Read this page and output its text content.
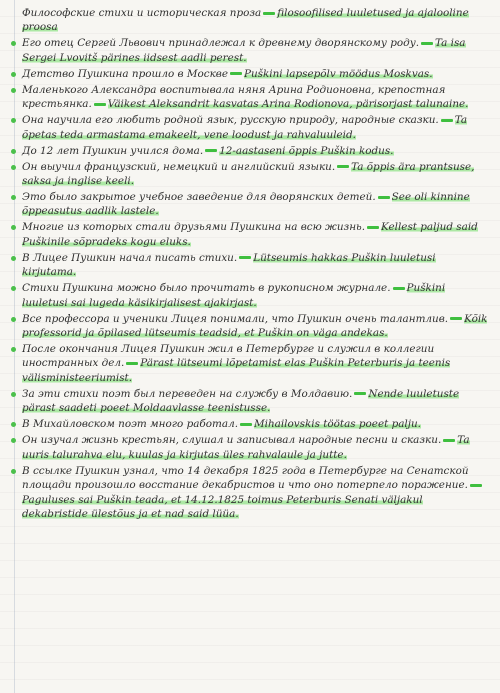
Философские стихи и историческая проза filosoofilised luuletused ja ajalooline proosa
Его отец Сергей Львович принадлежал к древнему дворянскому роду. Ta isa Sergei Lvovitš pärines iidsest aadli perest.
Детство Пушкина прошло в Москве Puškini lapsepõlv möödus Moskvas.
Маленького Александра воспитывала няня Арина Родионовна, крепостная крестьянка. Väikest Aleksandrit kasvatas Arina Rodionova, pärisorjast talunaine.
Она научила его любить родной язык, русскую природу, народные сказки. Ta õpetas teda armastama emakeelt, vene loodust ja rahvaluuleid.
До 12 лет Пушкин учился дома. 12-aastaseni õppis Puškin kodus.
Он выучил французский, немецкий и английский языки. Ta õppis ära prantsuse, saksa ja inglise keeli.
Это было закрытое учебное заведение для дворянских детей. See oli kinnine õppeasutus aadlik lastele.
Многие из которых стали друзьями Пушкина на всю жизнь. Kellest paljud said Puškinile sõpradeks kogu eluks.
В Лицее Пушкин начал писать стихи. Lütseumis hakkas Puškin luuletusi kirjutama.
Стихи Пушкина можно было прочитать в рукописном журнале. Puškini luuletusi sai lugeda käsikirjalisest ajakirjast.
Все профессора и ученики Лицея понимали, что Пушкин очень талантлив. Kõik professorid ja õpilased lütseumis teadsid, et Puškin on väga andekas.
После окончания Лицея Пушкин жил в Петербурге и служил в коллегии иностранных дел. Pärast lütseumi lõpetamist elas Puškin Peterburis ja teenis välisministeeriumist.
За эти стихи поэт был переведен на службу в Молдавию. Nende luuletuste pärast saadeti poeet Moldaavlasse teenistusse.
В Михайловском поэт много работал. Mihailovskis töötas poeet palju.
Он изучал жизнь крестьян, слушал и записывал народные песни и сказки. Ta uuris talurahva elu, kuulas ja kirjutas üles rahvalaule ja jutte.
В ссылке Пушкин узнал, что 14 декабря 1825 года в Петербурге на Сенатской площади произошло восстание декабристов и что оно потерпело поражение.Paguluses sai Puškin teada, et 14.12.1825 toimus Peterburis Senati väljakul dekabristide ülestõus ja et nad said lüüa.
